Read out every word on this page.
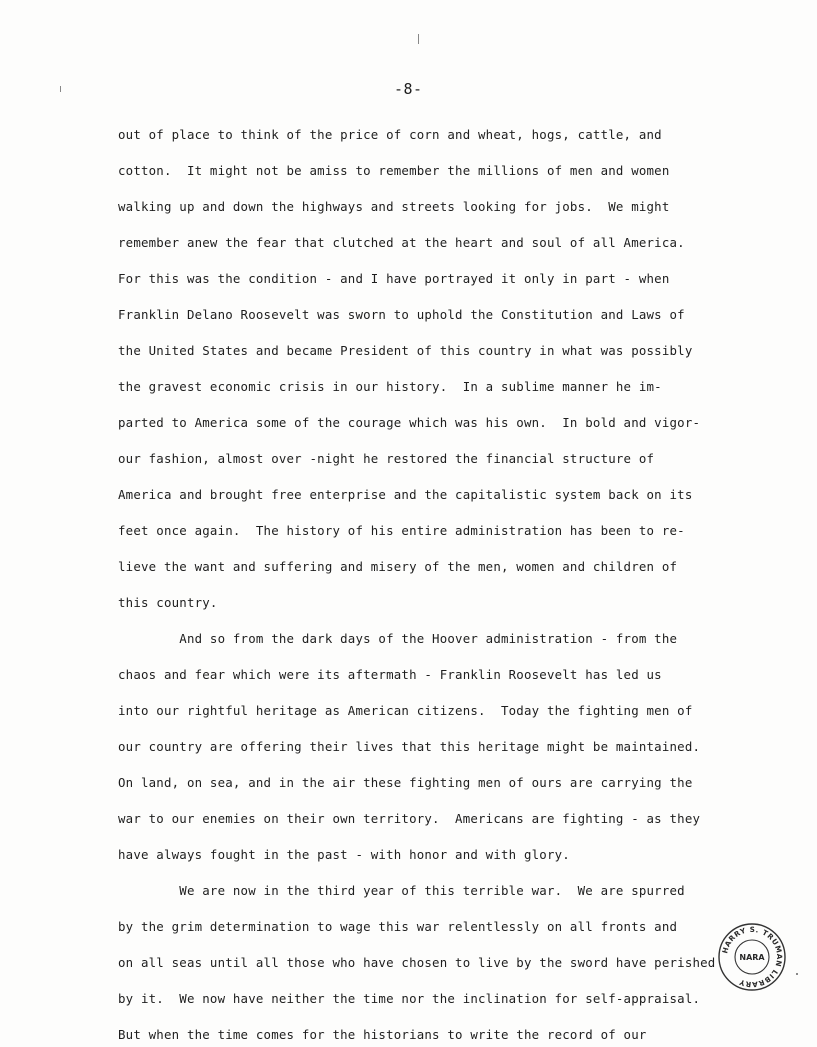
-8-
out of place to think of the price of corn and wheat, hogs, cattle, and
cotton.  It might not be amiss to remember the millions of men and women
walking up and down the highways and streets looking for jobs.  We might
remember anew the fear that clutched at the heart and soul of all America.
For this was the condition - and I have portrayed it only in part - when
Franklin Delano Roosevelt was sworn to uphold the Constitution and Laws of
the United States and became President of this country in what was possibly
the gravest economic crisis in our history.  In a sublime manner he im-
parted to America some of the courage which was his own.  In bold and vigor-
our fashion, almost over -night he restored the financial structure of
America and brought free enterprise and the capitalistic system back on its
feet once again.  The history of his entire administration has been to re-
lieve the want and suffering and misery of the men, women and children of
this country.
And so from the dark days of the Hoover administration - from the
chaos and fear which were its aftermath - Franklin Roosevelt has led us
into our rightful heritage as American citizens.  Today the fighting men of
our country are offering their lives that this heritage might be maintained.
On land, on sea, and in the air these fighting men of ours are carrying the
war to our enemies on their own territory.  Americans are fighting - as they
have always fought in the past - with honor and with glory.
We are now in the third year of this terrible war.  We are spurred
by the grim determination to wage this war relentlessly on all fronts and
on all seas until all those who have chosen to live by the sword have perished
by it.  We now have neither the time nor the inclination for self-appraisal.
But when the time comes for the historians to write the record of our
HARRY S. TRUMAN LIBRARY
NARA
